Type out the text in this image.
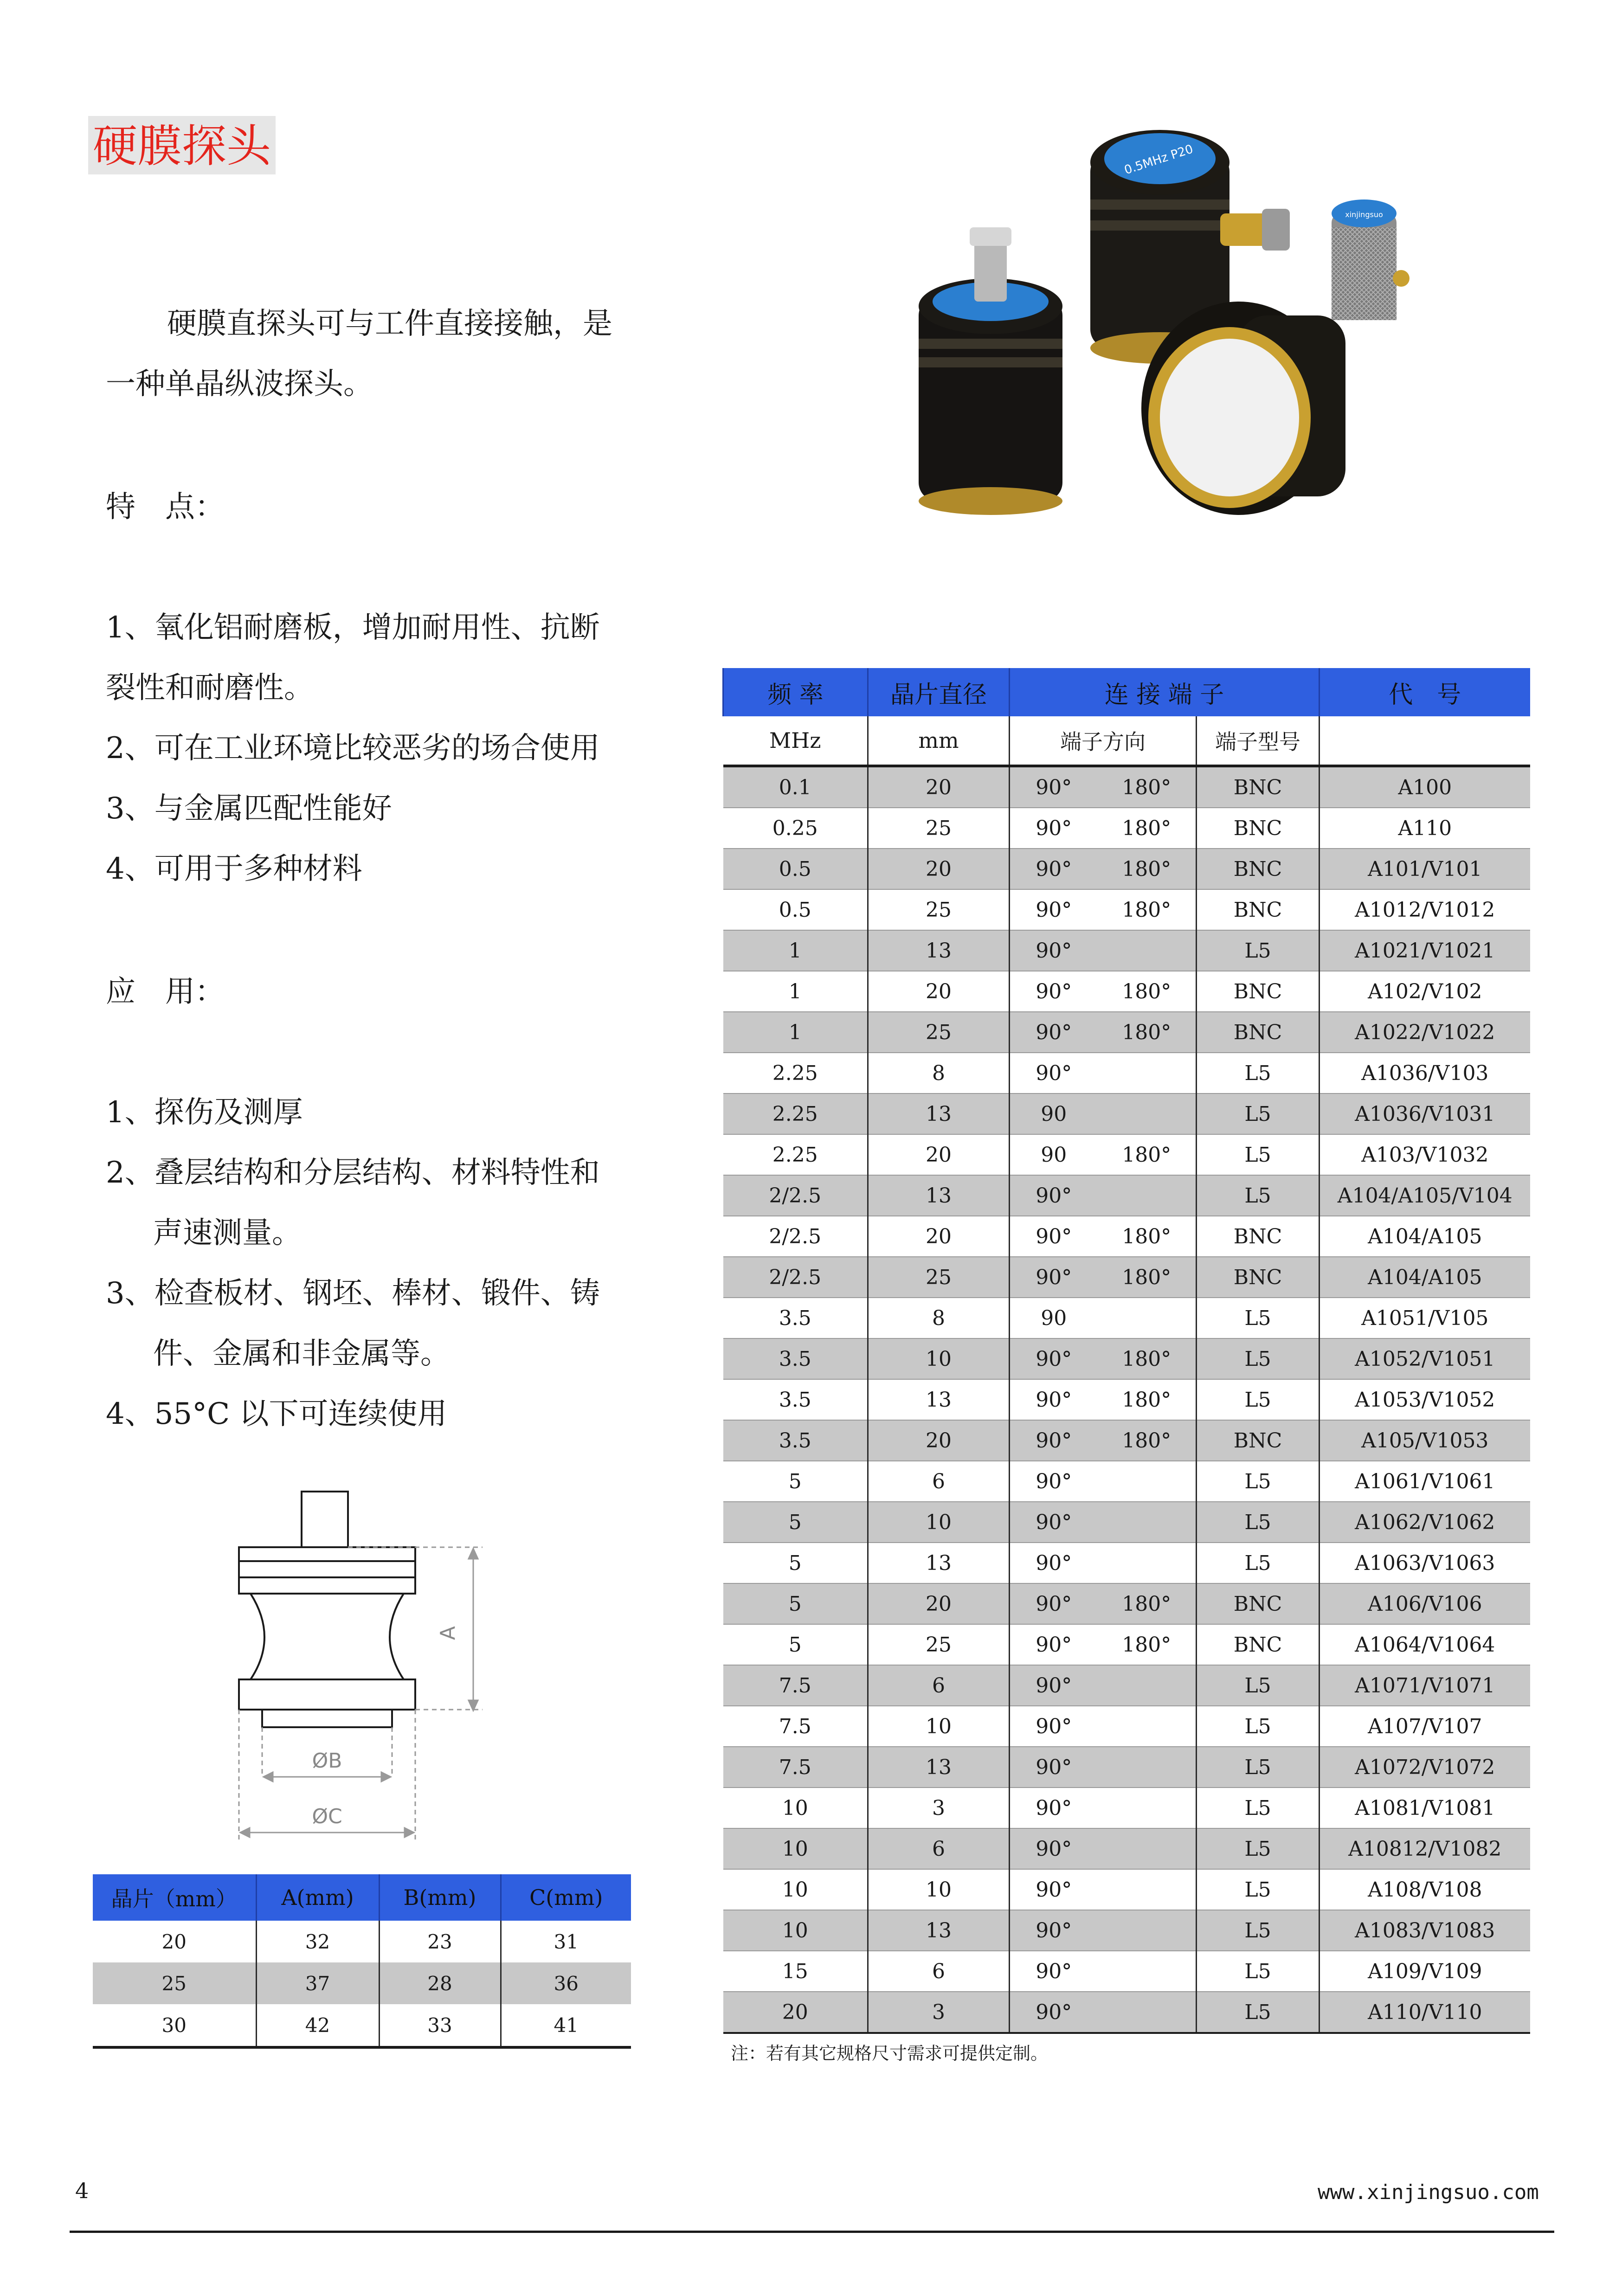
硬膜探头
硬膜直探头可与工件直接接触，是
一种单晶纵波探头。
特　点：
1、氧化铝耐磨板，增加耐用性、抗断
裂性和耐磨性。
2、可在工业环境比较恶劣的场合使用
3、与金属匹配性能好
4、可用于多种材料
应　用：
1、探伤及测厚
2、叠层结构和分层结构、材料特性和
声速测量。
3、检查板材、钢坯、棒材、锻件、铸
件、金属和非金属等。
4、55°C 以下可连续使用
0.5MHz P20
xinjingsuo
A
ØB
ØC
频 率	晶片直径	连 接 端 子			代　号
MHz	mm	端子方向		端子型号	
0.1	20	90°	180°	BNC	A100
0.25	25	90°	180°	BNC	A110
0.5	20	90°	180°	BNC	A101/V101
0.5	25	90°	180°	BNC	A1012/V1012
1	13	90°		L5	A1021/V1021
1	20	90°	180°	BNC	A102/V102
1	25	90°	180°	BNC	A1022/V1022
2.25	8	90°		L5	A1036/V103
2.25	13	90		L5	A1036/V1031
2.25	20	90	180°	L5	A103/V1032
2/2.5	13	90°		L5	A104/A105/V104
2/2.5	20	90°	180°	BNC	A104/A105
2/2.5	25	90°	180°	BNC	A104/A105
3.5	8	90		L5	A1051/V105
3.5	10	90°	180°	L5	A1052/V1051
3.5	13	90°	180°	L5	A1053/V1052
3.5	20	90°	180°	BNC	A105/V1053
5	6	90°		L5	A1061/V1061
5	10	90°		L5	A1062/V1062
5	13	90°		L5	A1063/V1063
5	20	90°	180°	BNC	A106/V106
5	25	90°	180°	BNC	A1064/V1064
7.5	6	90°		L5	A1071/V1071
7.5	10	90°		L5	A107/V107
7.5	13	90°		L5	A1072/V1072
10	3	90°		L5	A1081/V1081
10	6	90°		L5	A10812/V1082
10	10	90°		L5	A108/V108
10	13	90°		L5	A1083/V1083
15	6	90°		L5	A109/V109
20	3	90°		L5	A110/V110
注：若有其它规格尺寸需求可提供定制。
晶片（mm）	A(mm)	B(mm)	C(mm)
20	32	23	31
25	37	28	36
30	42	33	41
4	www.xinjingsuo.com
